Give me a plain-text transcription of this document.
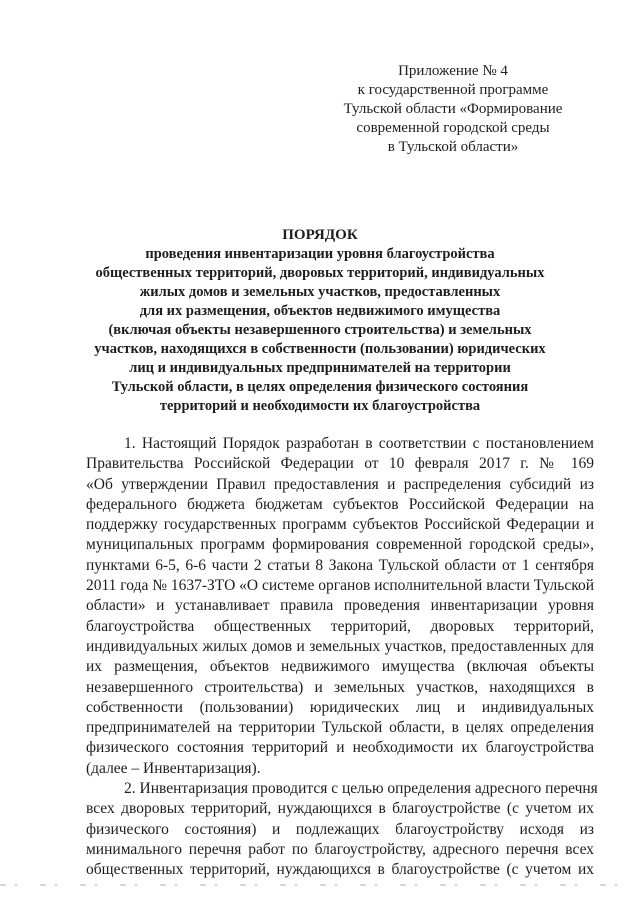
Приложение № 4
к государственной программе
Тульской области «Формирование
современной городской среды
в Тульской области»
ПОРЯДОК
проведения инвентаризации уровня благоустройства
общественных территорий, дворовых территорий, индивидуальных
жилых домов и земельных участков, предоставленных
для их размещения, объектов недвижимого имущества
(включая объекты незавершенного строительства) и земельных
участков, находящихся в собственности (пользовании) юридических
лиц и индивидуальных предпринимателей на территории
Тульской области, в целях определения физического состояния
территорий и необходимости их благоустройства
1. Настоящий Порядок разработан в соответствии с постановлением
Правительства Российской Федерации от 10 февраля 2017 г. № 169
«Об утверждении Правил предоставления и распределения субсидий из
федерального бюджета бюджетам субъектов Российской Федерации на
поддержку государственных программ субъектов Российской Федерации и
муниципальных программ формирования современной городской среды»,
пунктами 6-5, 6-6 части 2 статьи 8 Закона Тульской области от 1 сентября
2011 года № 1637-ЗТО «О системе органов исполнительной власти Тульской
области» и устанавливает правила проведения инвентаризации уровня
благоустройства общественных территорий, дворовых территорий,
индивидуальных жилых домов и земельных участков, предоставленных для
их размещения, объектов недвижимого имущества (включая объекты
незавершенного строительства) и земельных участков, находящихся в
собственности (пользовании) юридических лиц и индивидуальных
предпринимателей на территории Тульской области, в целях определения
физического состояния территорий и необходимости их благоустройства
(далее – Инвентаризация).
2. Инвентаризация проводится с целью определения адресного перечня
всех дворовых территорий, нуждающихся в благоустройстве (с учетом их
физического состояния) и подлежащих благоустройству исходя из
минимального перечня работ по благоустройству, адресного перечня всех
общественных территорий, нуждающихся в благоустройстве (с учетом их
